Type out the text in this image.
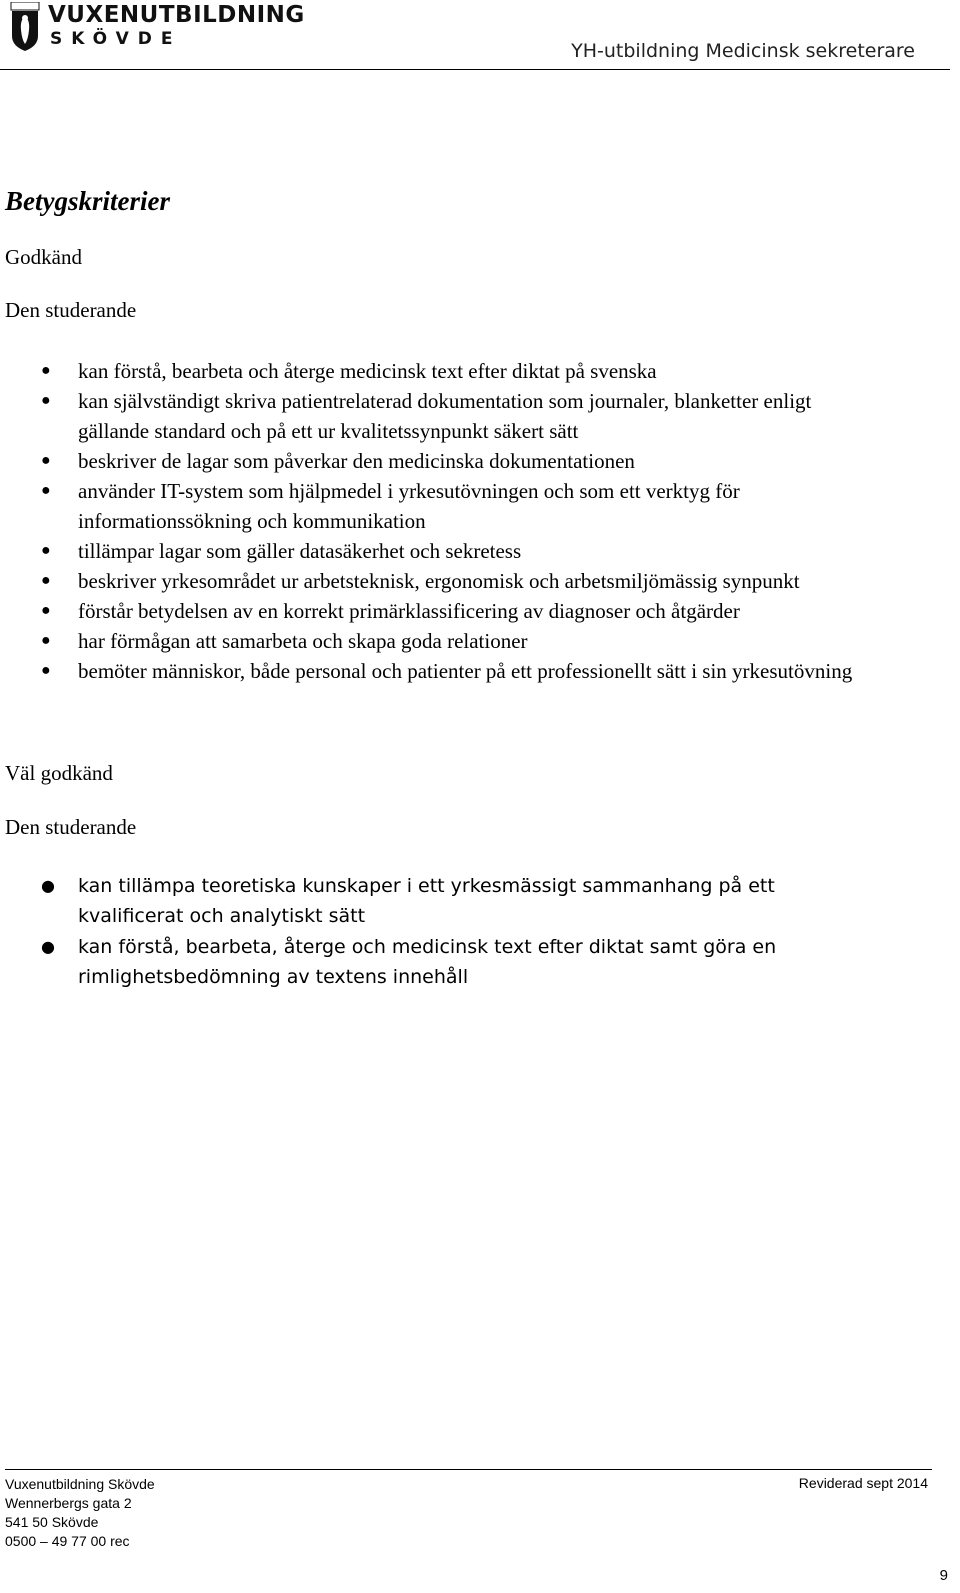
VUXENUTBILDNING
SKÖVDE
YH-utbildning Medicinsk sekreterare
Betygskriterier
Godkänd
Den studerande
● kan förstå, bearbeta och återge medicinsk text efter diktat på svenska
● kan självständigt skriva patientrelaterad dokumentation som journaler, blanketter enligt gällande standard och på ett ur kvalitetssynpunkt säkert sätt
● beskriver de lagar som påverkar den medicinska dokumentationen
● använder IT-system som hjälpmedel i yrkesutövningen och som ett verktyg för informationssökning och kommunikation
● tillämpar lagar som gäller datasäkerhet och sekretess
● beskriver yrkesområdet ur arbetsteknisk, ergonomisk och arbetsmiljömässig synpunkt
● förstår betydelsen av en korrekt primärklassificering av diagnoser och åtgärder
● har förmågan att samarbeta och skapa goda relationer
● bemöter människor, både personal och patienter på ett professionellt sätt i sin yrkesutövning
Väl godkänd
Den studerande
● kan tillämpa teoretiska kunskaper i ett yrkesmässigt sammanhang på ett kvalificerat och analytiskt sätt
● kan förstå, bearbeta, återge och medicinsk text efter diktat samt göra en rimlighetsbedömning av textens innehåll
Vuxenutbildning Skövde
Wennerbergs gata 2
541 50 Skövde
0500 – 49 77 00 rec
Reviderad sept 2014
9
